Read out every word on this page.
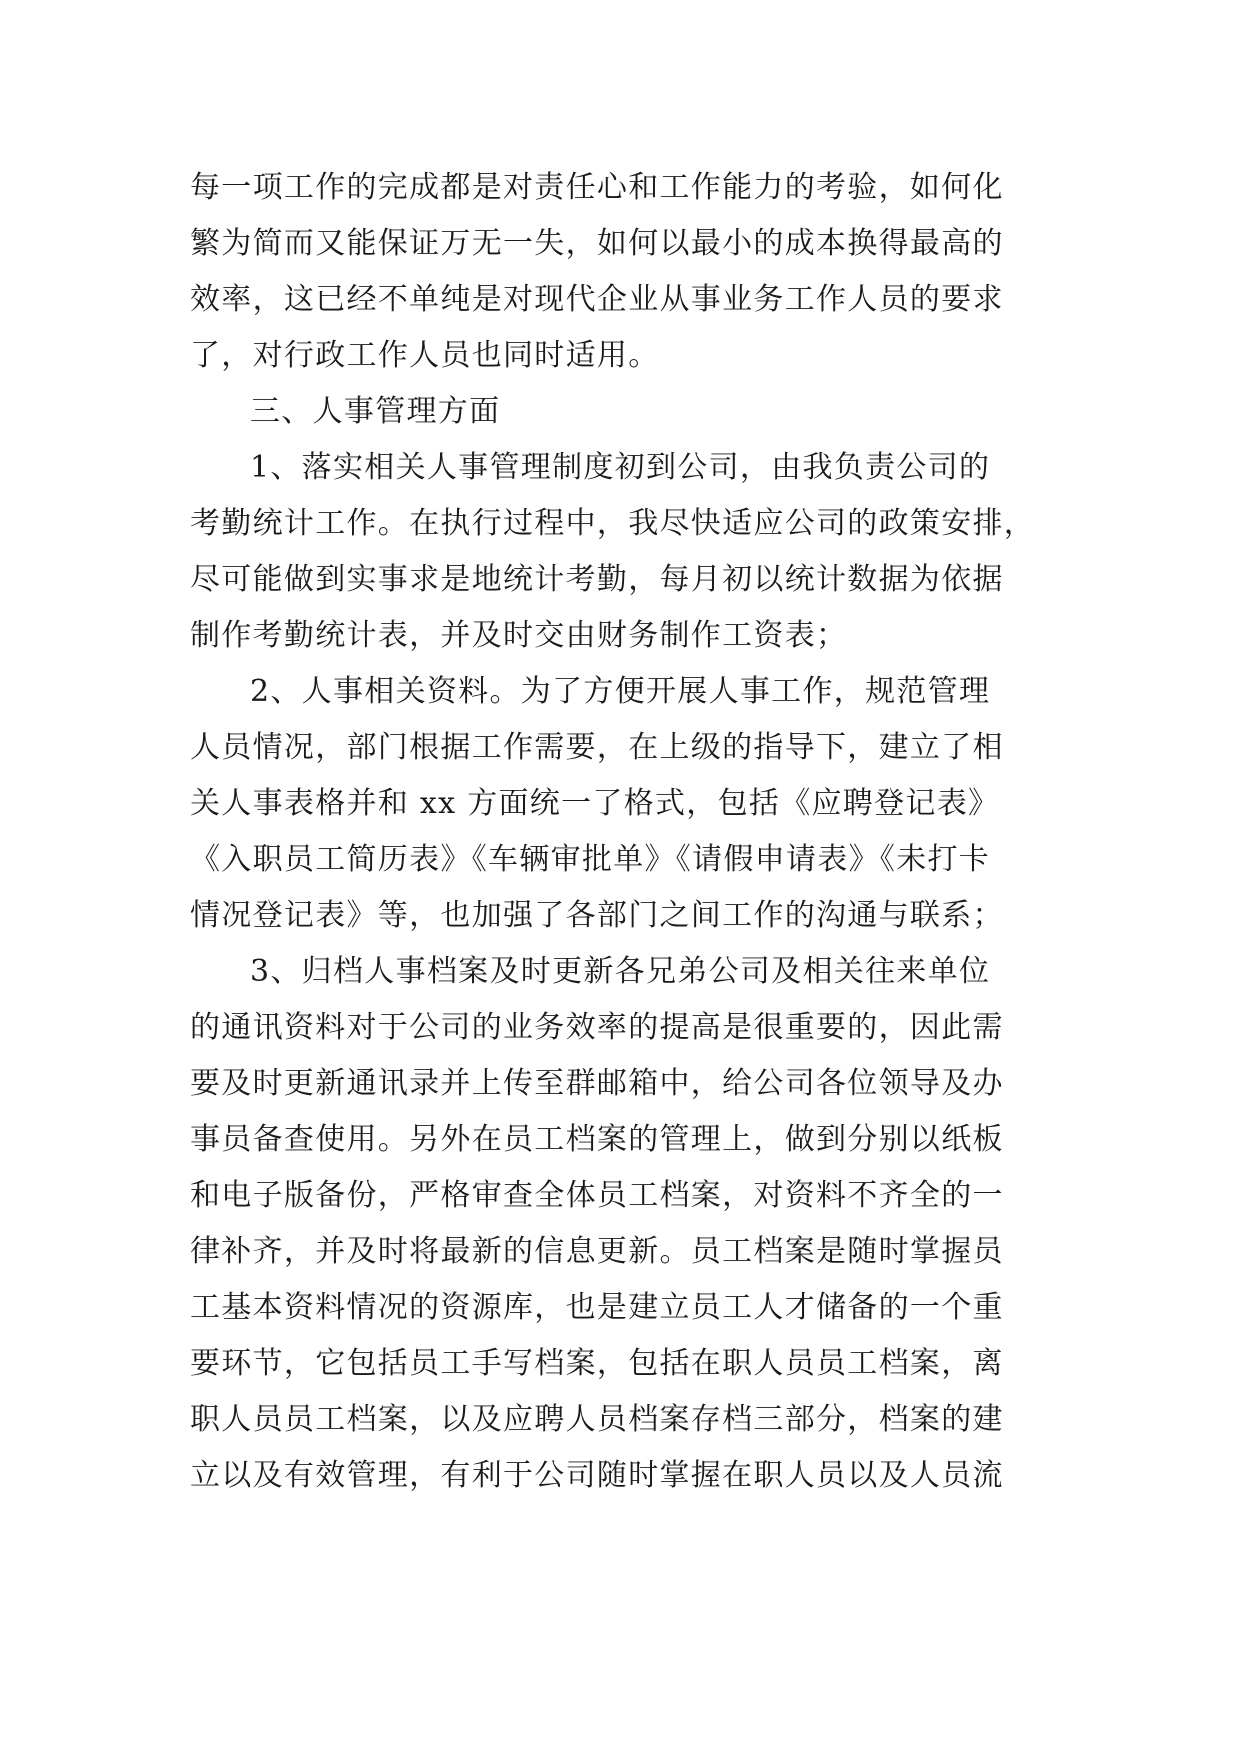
每一项工作的完成都是对责任心和工作能力的考验，如何化
繁为简而又能保证万无一失，如何以最小的成本换得最高的
效率，这已经不单纯是对现代企业从事业务工作人员的要求
了，对行政工作人员也同时适用。
三、人事管理方面
1、落实相关人事管理制度初到公司，由我负责公司的
考勤统计工作。在执行过程中，我尽快适应公司的政策安排，
尽可能做到实事求是地统计考勤，每月初以统计数据为依据
制作考勤统计表，并及时交由财务制作工资表；
2、人事相关资料。为了方便开展人事工作，规范管理
人员情况，部门根据工作需要，在上级的指导下，建立了相
关人事表格并和 xx 方面统一了格式，包括《应聘登记表》
《入职员工简历表》《车辆审批单》《请假申请表》《未打卡
情况登记表》等，也加强了各部门之间工作的沟通与联系；
3、归档人事档案及时更新各兄弟公司及相关往来单位
的通讯资料对于公司的业务效率的提高是很重要的，因此需
要及时更新通讯录并上传至群邮箱中，给公司各位领导及办
事员备查使用。另外在员工档案的管理上，做到分别以纸板
和电子版备份，严格审查全体员工档案，对资料不齐全的一
律补齐，并及时将最新的信息更新。员工档案是随时掌握员
工基本资料情况的资源库，也是建立员工人才储备的一个重
要环节，它包括员工手写档案，包括在职人员员工档案，离
职人员员工档案，以及应聘人员档案存档三部分，档案的建
立以及有效管理，有利于公司随时掌握在职人员以及人员流
